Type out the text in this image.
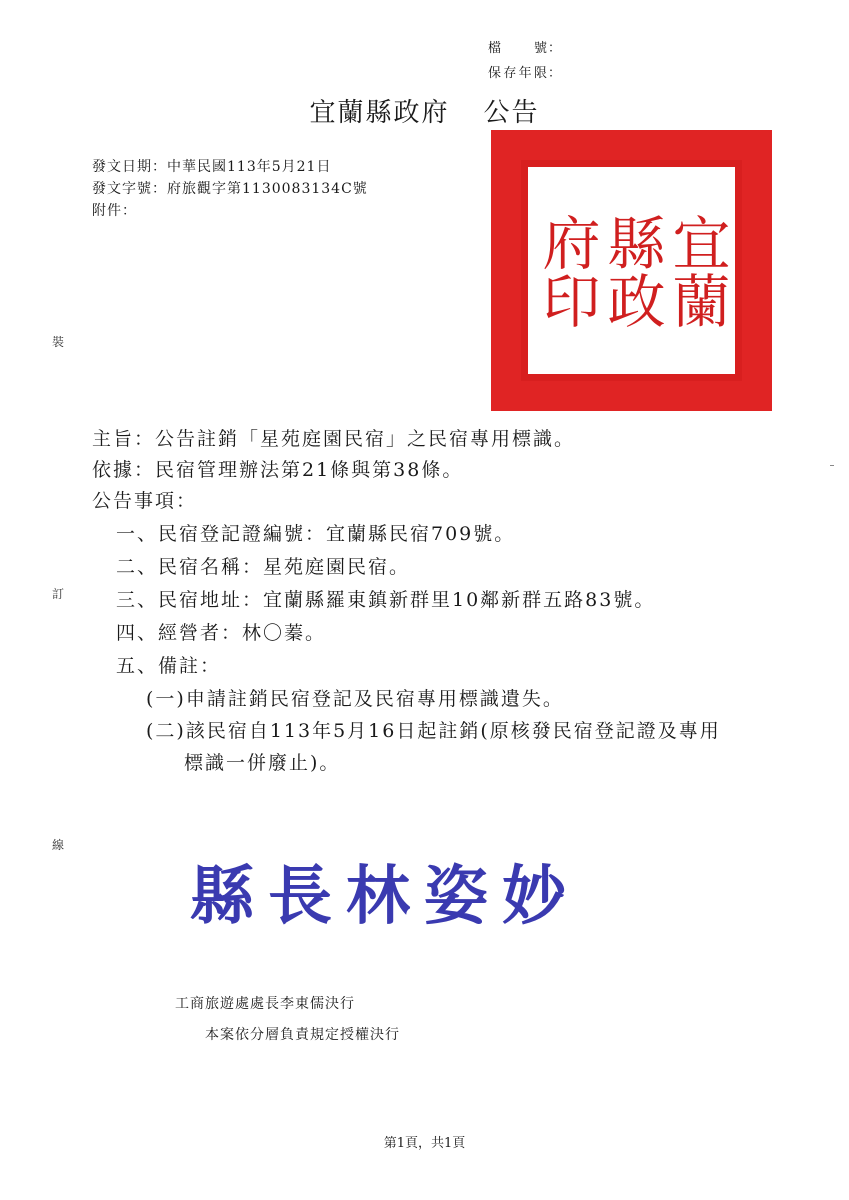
檔號：
保存年限：
宜蘭縣政府 公告
發文日期：中華民國113年5月21日
發文字號：府旅觀字第1130083134C號
附件：
宜蘭
縣政
府印
裝
訂
線
主旨：公告註銷「星苑庭園民宿」之民宿專用標識。
依據：民宿管理辦法第21條與第38條。
公告事項：
一、民宿登記證編號：宜蘭縣民宿709號。
二、民宿名稱：星苑庭園民宿。
三、民宿地址：宜蘭縣羅東鎮新群里10鄰新群五路83號。
四、經營者：林〇蓁。
五、備註：
(一)申請註銷民宿登記及民宿專用標識遺失。
(二)該民宿自113年5月16日起註銷(原核發民宿登記證及專用
標識一併廢止)。
縣長林姿妙
工商旅遊處處長李東儒決行
本案依分層負責規定授權決行
第1頁，共1頁
